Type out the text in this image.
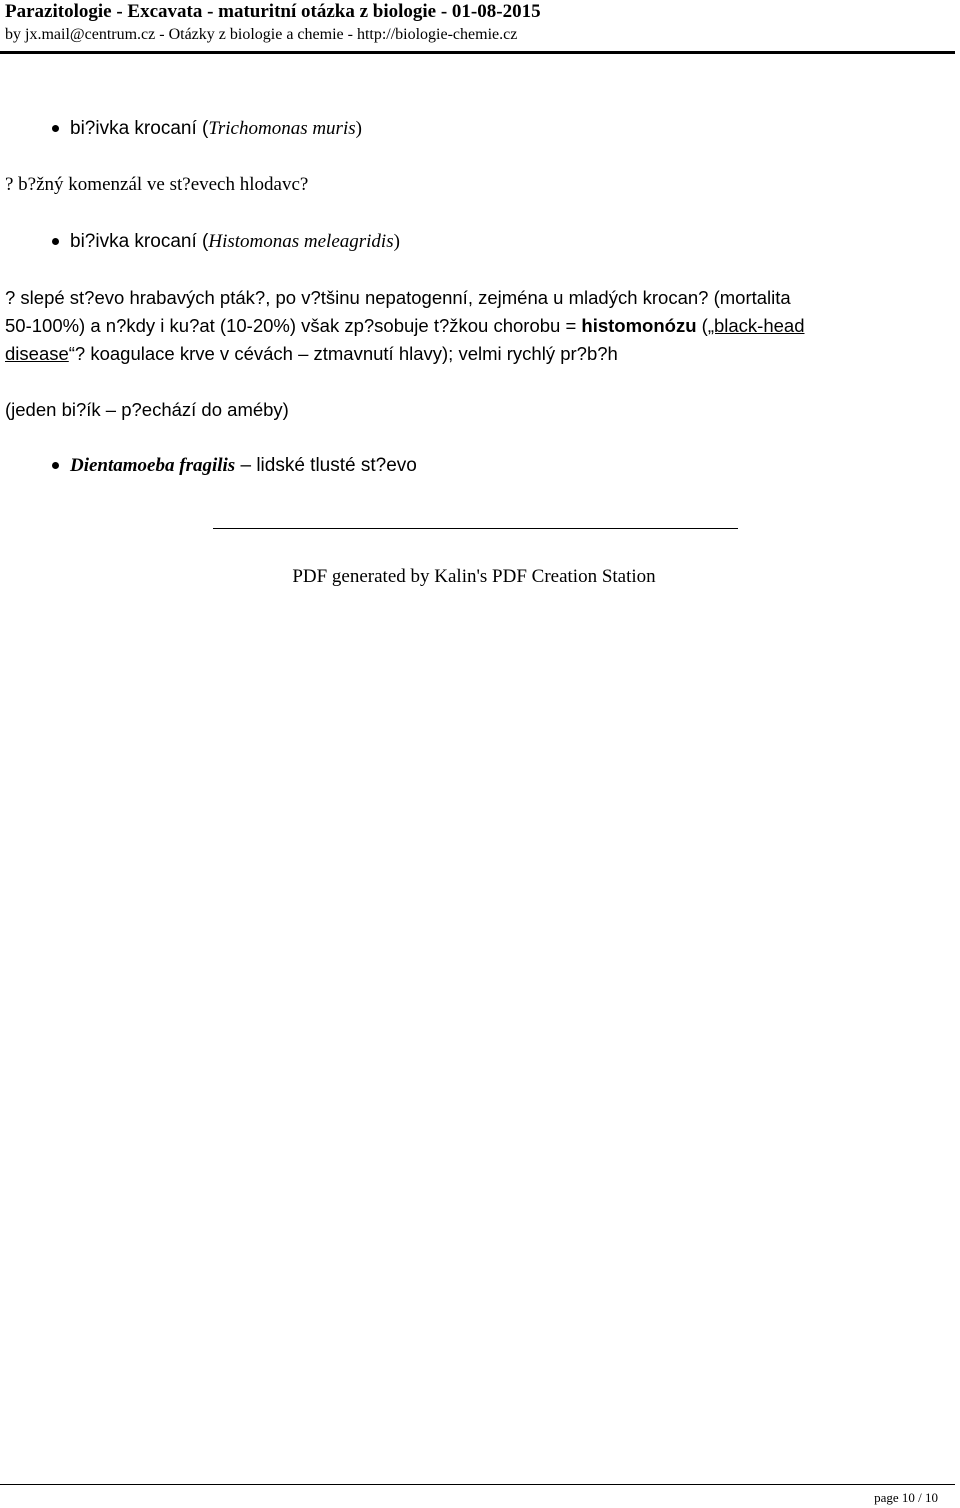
Parazitologie - Excavata - maturitní otázka z biologie - 01-08-2015
by jx.mail@centrum.cz - Otázky z biologie a chemie - http://biologie-chemie.cz
bi?ivka krocaní (Trichomonas muris)
? b?žný komenzál ve st?evech hlodavc?
bi?ivka krocaní (Histomonas meleagridis)
? slepé st?evo hrabavých pták?, po v?tšinu nepatogenní, zejména u mladých krocan? (mortalita
50-100%) a n?kdy i ku?at (10-20%) však zp?sobuje t?žkou chorobu = histomonózu („black-head
disease“? koagulace krve v cévách – ztmavnutí hlavy); velmi rychlý pr?b?h
(jeden bi?ík – p?echází do améby)
Dientamoeba fragilis – lidské tlusté st?evo
PDF generated by Kalin's PDF Creation Station
page 10 / 10
